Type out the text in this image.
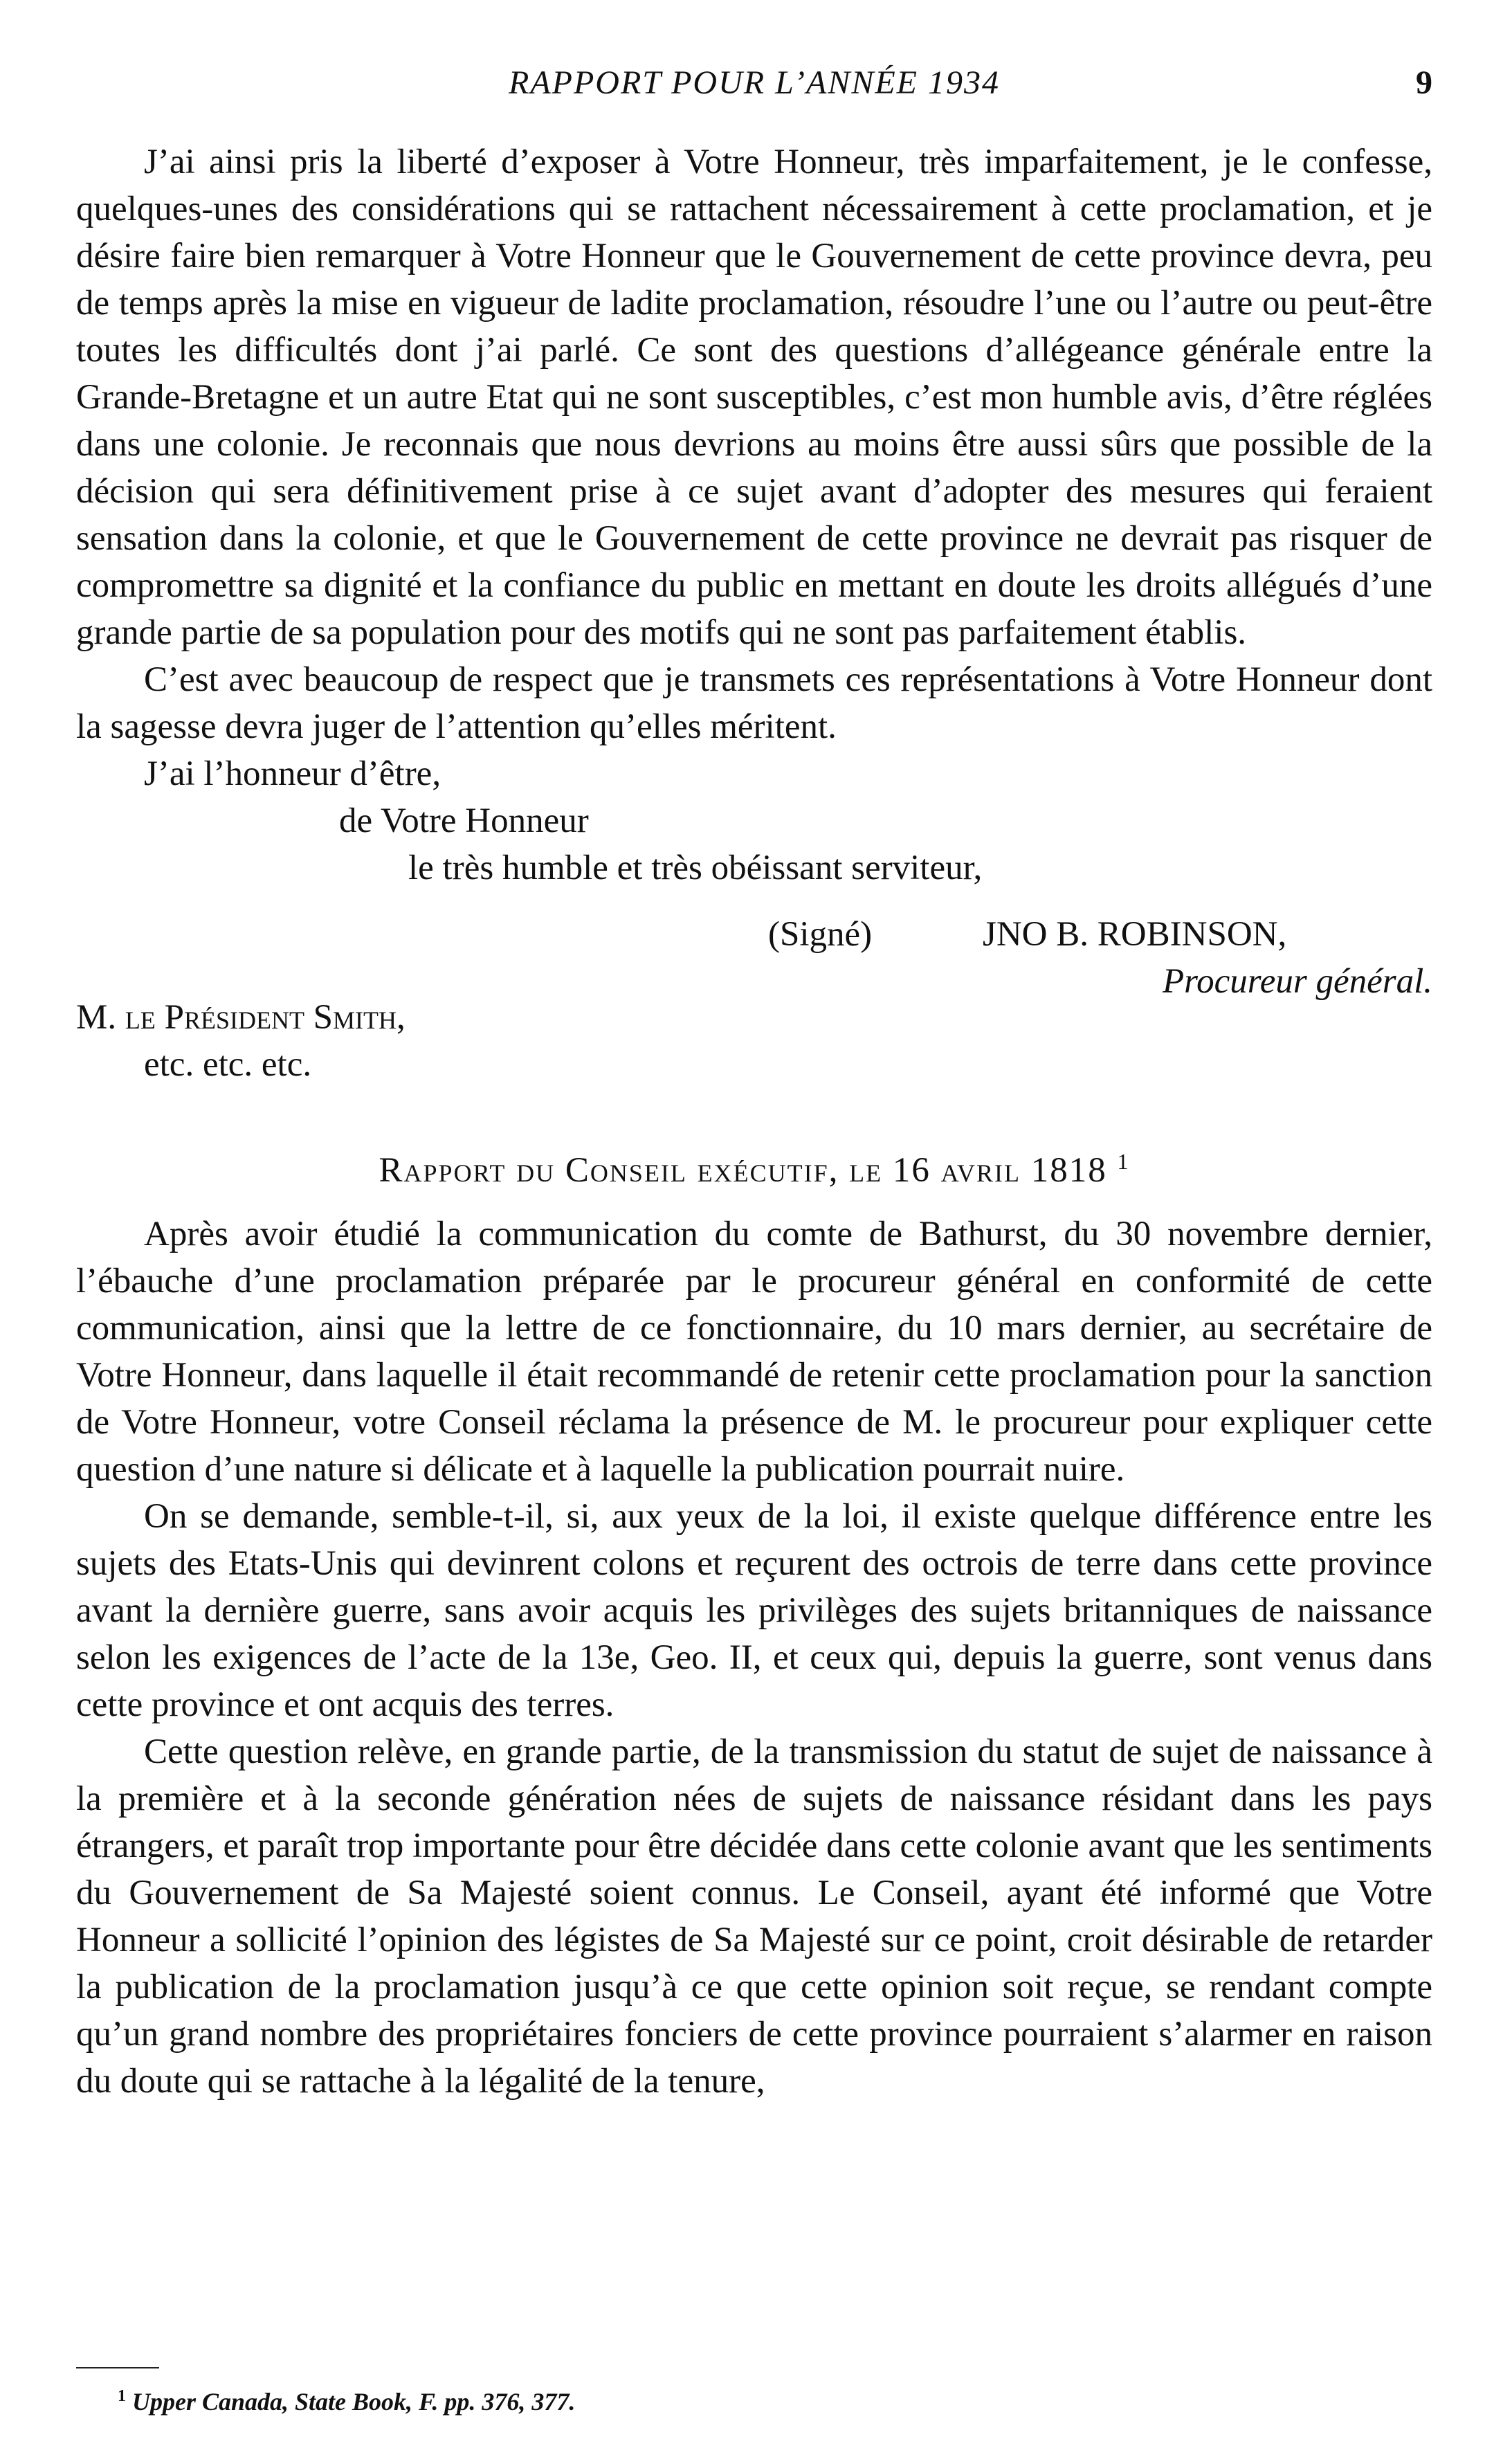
RAPPORT POUR L’ANNÉE 1934	9

J’ai ainsi pris la liberté d’exposer à Votre Honneur, très imparfaitement, je le confesse, quelques-unes des considérations qui se rattachent nécessairement à cette proclamation, et je désire faire bien remarquer à Votre Honneur que le Gouvernement de cette province devra, peu de temps après la mise en vigueur de ladite proclamation, résoudre l’une ou l’autre ou peut-être toutes les difficultés dont j’ai parlé. Ce sont des questions d’allégeance générale entre la Grande-Bretagne et un autre Etat qui ne sont susceptibles, c’est mon humble avis, d’être réglées dans une colonie. Je reconnais que nous devrions au moins être aussi sûrs que possible de la décision qui sera définitivement prise à ce sujet avant d’adopter des mesures qui feraient sensation dans la colonie, et que le Gouvernement de cette province ne devrait pas risquer de compromettre sa dignité et la confiance du public en mettant en doute les droits allégués d’une grande partie de sa population pour des motifs qui ne sont pas parfaitement établis.

C’est avec beaucoup de respect que je transmets ces représentations à Votre Honneur dont la sagesse devra juger de l’attention qu’elles méritent.

J’ai l’honneur d’être,
de Votre Honneur
le très humble et très obéissant serviteur,
(Signé)	JNO B. ROBINSON,
Procureur général.
M. le Président Smith,
etc. etc. etc.
Rapport du Conseil exécutif, le 16 avril 1818 $^1$

Après avoir étudié la communication du comte de Bathurst, du 30 novembre dernier, l’ébauche d’une proclamation préparée par le procureur général en conformité de cette communication, ainsi que la lettre de ce fonctionnaire, du 10 mars dernier, au secrétaire de Votre Honneur, dans laquelle il était recommandé de retenir cette proclamation pour la sanction de Votre Honneur, votre Conseil réclama la présence de M. le procureur pour expliquer cette question d’une nature si délicate et à laquelle la publication pourrait nuire.

On se demande, semble-t-il, si, aux yeux de la loi, il existe quelque différence entre les sujets des Etats-Unis qui devinrent colons et reçurent des octrois de terre dans cette province avant la dernière guerre, sans avoir acquis les privilèges des sujets britanniques de naissance selon les exigences de l’acte de la 13e, Geo. II, et ceux qui, depuis la guerre, sont venus dans cette province et ont acquis des terres.

Cette question relève, en grande partie, de la transmission du statut de sujet de naissance à la première et à la seconde génération nées de sujets de naissance résidant dans les pays étrangers, et paraît trop importante pour être décidée dans cette colonie avant que les sentiments du Gouvernement de Sa Majesté soient connus. Le Conseil, ayant été informé que Votre Honneur a sollicité l’opinion des légistes de Sa Majesté sur ce point, croit désirable de retarder la publication de la proclamation jusqu’à ce que cette opinion soit reçue, se rendant compte qu’un grand nombre des propriétaires fonciers de cette province pourraient s’alarmer en raison du doute qui se rattache à la légalité de la tenure,

$^1$ Upper Canada, State Book, F. pp. 376, 377.
